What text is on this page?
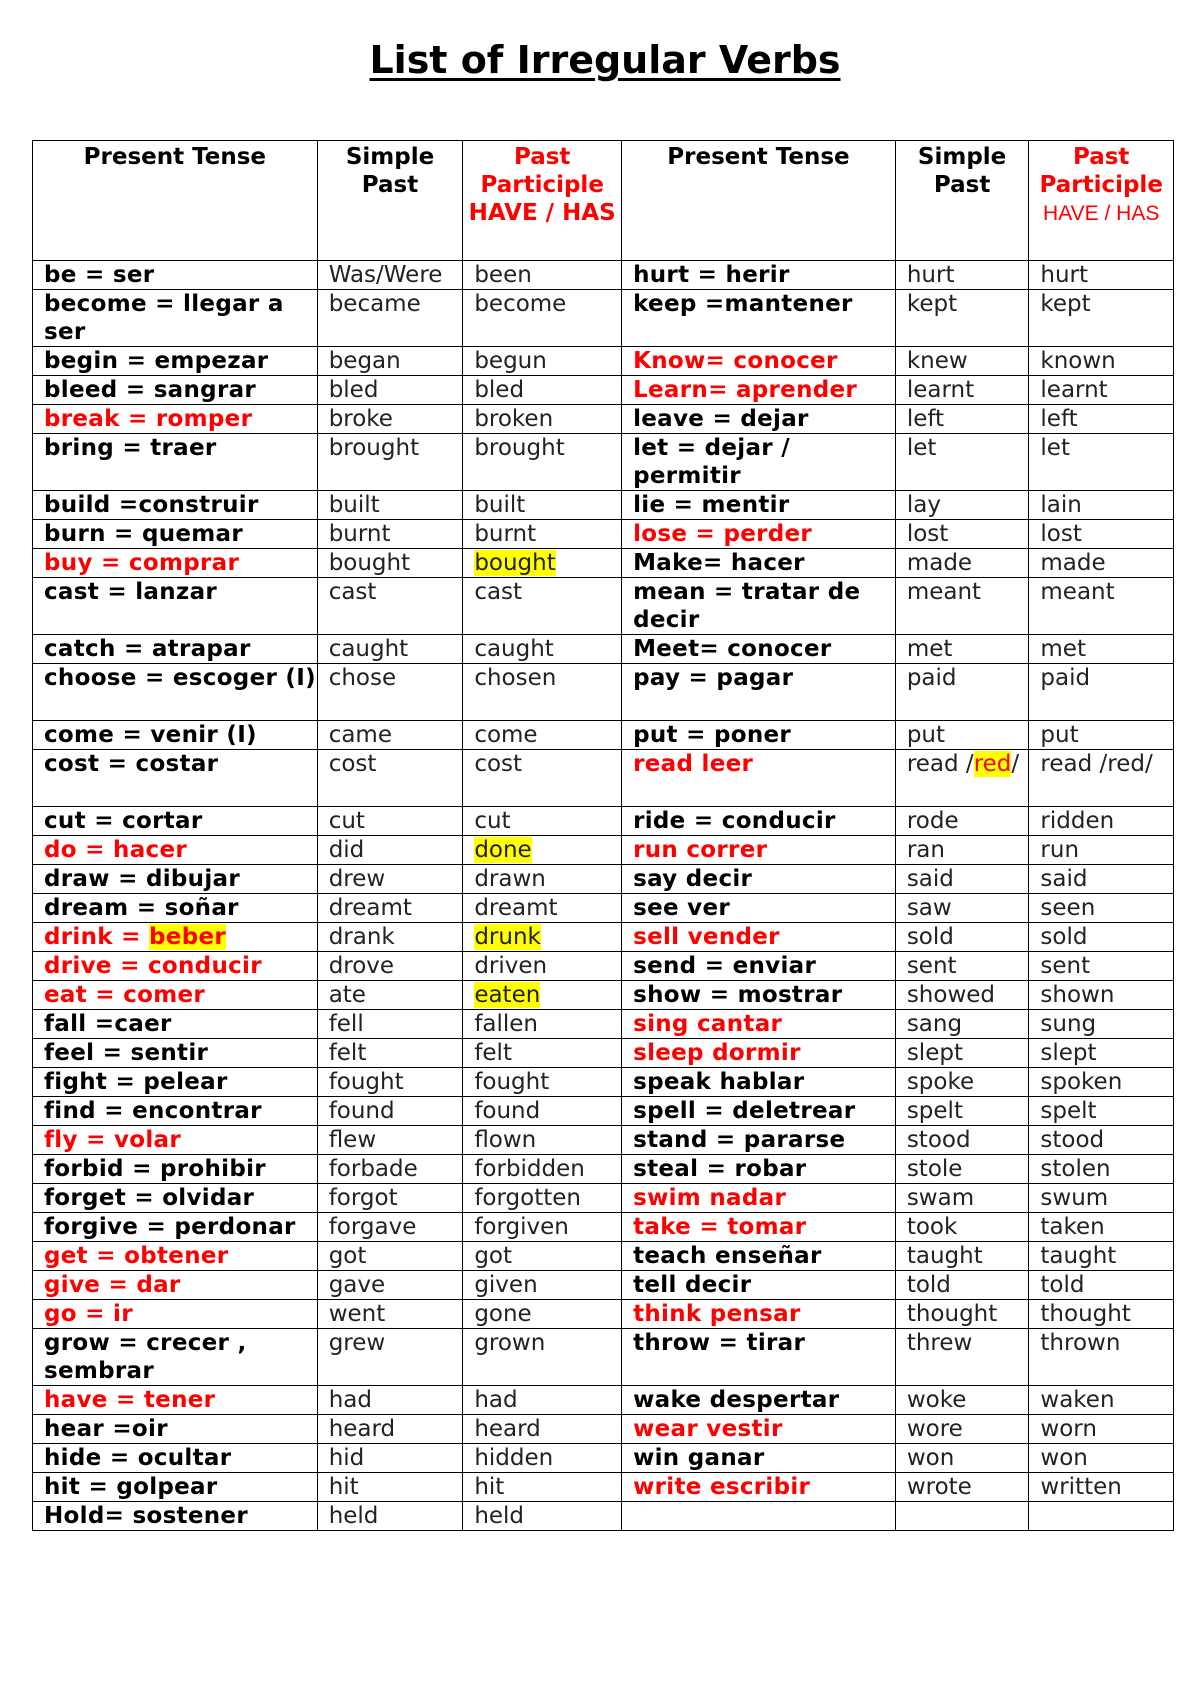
List of Irregular Verbs
Present Tense	Simple Past	Past Participle HAVE / HAS	Present Tense	Simple Past	Past Participle
HAVE / HAS
be = ser	Was/Were	been	hurt = herir	hurt	hurt
become = llegar a ser	became	become	keep =mantener	kept	kept
begin = empezar	began	begun	Know= conocer	knew	known
bleed = sangrar	bled	bled	Learn= aprender	learnt	learnt
break = romper	broke	broken	leave = dejar	left	left
bring = traer	brought	brought	let = dejar / permitir	let	let
build =construir	built	built	lie = mentir	lay	lain
burn = quemar	burnt	burnt	lose = perder	lost	lost
buy = comprar	bought	bought	Make= hacer	made	made
cast = lanzar	cast	cast	mean = tratar de decir	meant	meant
catch = atrapar	caught	caught	Meet= conocer	met	met
choose = escoger (I)	chose	chosen	pay = pagar	paid	paid
come = venir (I)	came	come	put = poner	put	put
cost = costar	cost	cost	read leer	read /red/	read /red/
cut = cortar	cut	cut	ride = conducir	rode	ridden
do = hacer	did	done	run correr	ran	run
draw = dibujar	drew	drawn	say decir	said	said
dream = soñar	dreamt	dreamt	see ver	saw	seen
drink = beber	drank	drunk	sell vender	sold	sold
drive = conducir	drove	driven	send = enviar	sent	sent
eat = comer	ate	eaten	show = mostrar	showed	shown
fall =caer	fell	fallen	sing cantar	sang	sung
feel = sentir	felt	felt	sleep dormir	slept	slept
fight = pelear	fought	fought	speak hablar	spoke	spoken
find = encontrar	found	found	spell = deletrear	spelt	spelt
fly = volar	flew	flown	stand = pararse	stood	stood
forbid = prohibir	forbade	forbidden	steal = robar	stole	stolen
forget = olvidar	forgot	forgotten	swim nadar	swam	swum
forgive = perdonar	forgave	forgiven	take = tomar	took	taken
get = obtener	got	got	teach enseñar	taught	taught
give = dar	gave	given	tell decir	told	told
go = ir	went	gone	think pensar	thought	thought
grow = crecer , sembrar	grew	grown	throw = tirar	threw	thrown
have = tener	had	had	wake despertar	woke	waken
hear =oir	heard	heard	wear vestir	wore	worn
hide = ocultar	hid	hidden	win ganar	won	won
hit = golpear	hit	hit	write escribir	wrote	written
Hold= sostener	held	held			
